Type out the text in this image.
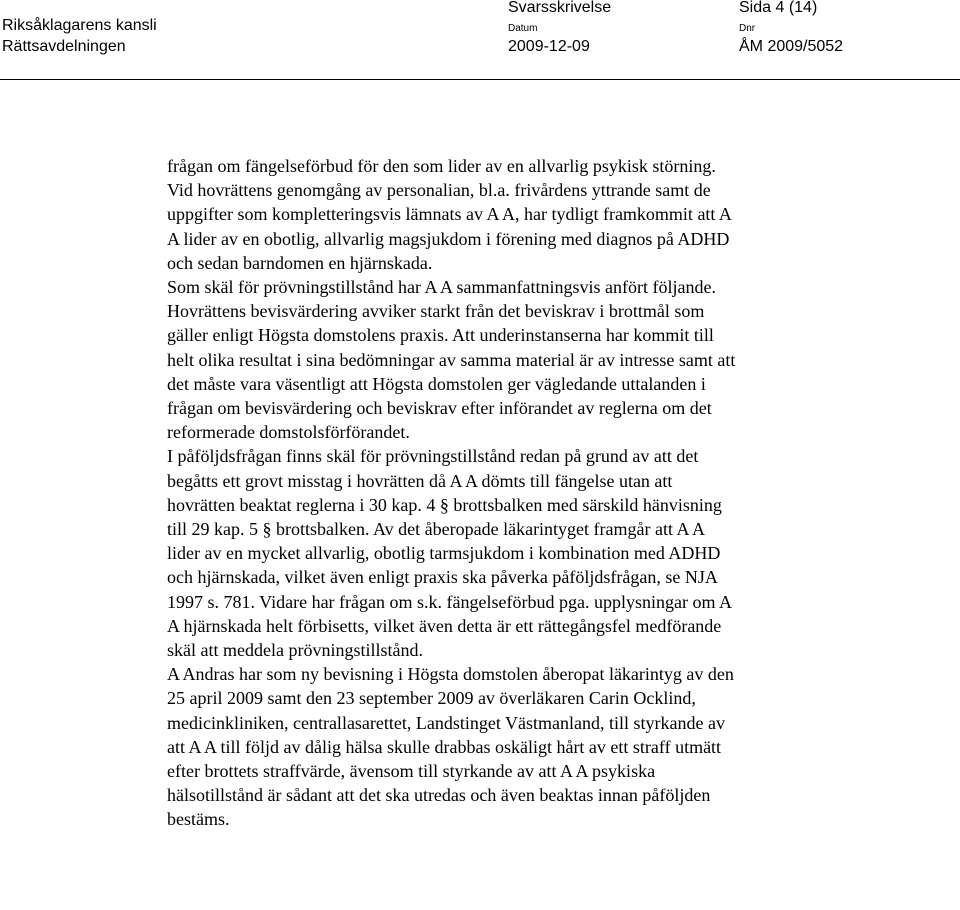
Riksåklagarens kansli
Rättsavdelningen
Svarsskrivelse	Sida 4 (14)
Datum
2009-12-09
Dnr
ÅM 2009/5052

frågan om fängelseförbud för den som lider av en allvarlig psykisk störning.
Vid hovrättens genomgång av personalian, bl.a. frivårdens yttrande samt de
uppgifter som kompletteringsvis lämnats av A A, har tydligt framkommit att A
A lider av en obotlig, allvarlig magsjukdom i förening med diagnos på ADHD
och sedan barndomen en hjärnskada.

Som skäl för prövningstillstånd har A A sammanfattningsvis anfört följande.

Hovrättens bevisvärdering avviker starkt från det beviskrav i brottmål som
gäller enligt Högsta domstolens praxis. Att underinstanserna har kommit till
helt olika resultat i sina bedömningar av samma material är av intresse samt att
det måste vara väsentligt att Högsta domstolen ger vägledande uttalanden i
frågan om bevisvärdering och beviskrav efter införandet av reglerna om det
reformerade domstolsförförandet.

I påföljdsfrågan finns skäl för prövningstillstånd redan på grund av att det
begåtts ett grovt misstag i hovrätten då A A dömts till fängelse utan att
hovrätten beaktat reglerna i 30 kap. 4 § brottsbalken med särskild hänvisning
till 29 kap. 5 § brottsbalken. Av det åberopade läkarintyget framgår att A A
lider av en mycket allvarlig, obotlig tarmsjukdom i kombination med ADHD
och hjärnskada, vilket även enligt praxis ska påverka påföljdsfrågan, se NJA
1997 s. 781. Vidare har frågan om s.k. fängelseförbud pga. upplysningar om A
A hjärnskada helt förbisetts, vilket även detta är ett rättegångsfel medförande
skäl att meddela prövningstillstånd.

A Andras har som ny bevisning i Högsta domstolen åberopat läkarintyg av den
25 april 2009 samt den 23 september 2009 av överläkaren Carin Ocklind,
medicinkliniken, centrallasarettet, Landstinget Västmanland, till styrkande av
att A A till följd av dålig hälsa skulle drabbas oskäligt hårt av ett straff utmätt
efter brottets straffvärde, ävensom till styrkande av att A A psykiska
hälsotillstånd är sådant att det ska utredas och även beaktas innan påföljden
bestäms.
